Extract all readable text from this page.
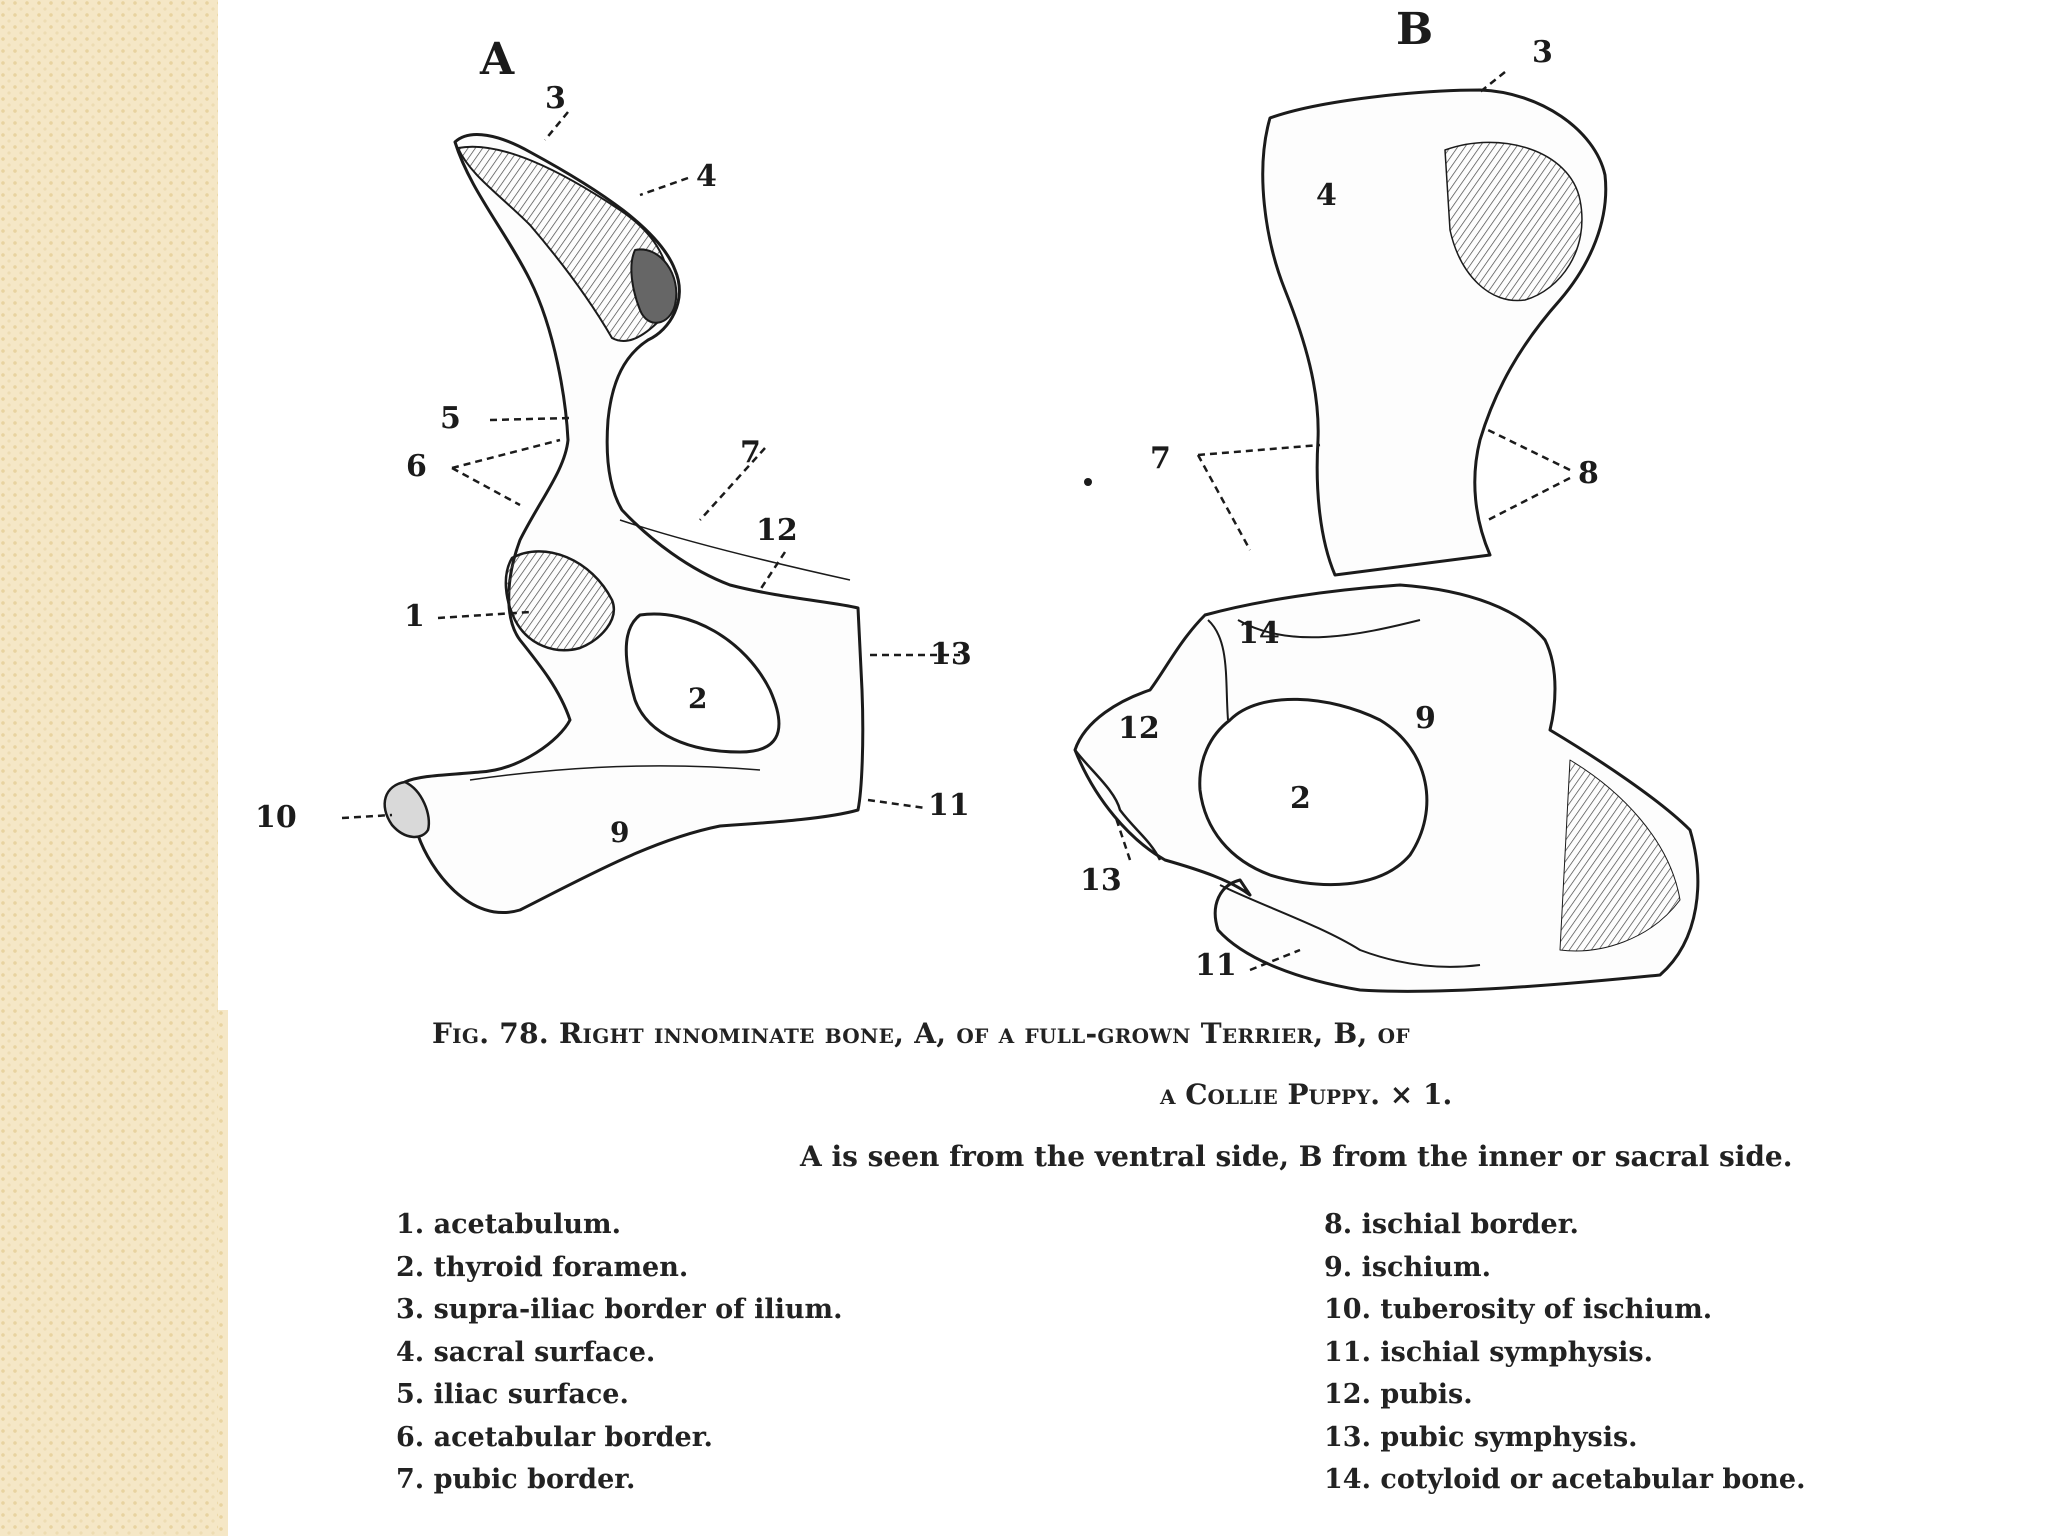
A
3
4
5
6	7
12
1
2
13
10	9
11
B	3
4
7	8
14
9
12
2
13
11
Fig. 78. Right innominate bone, A, of a full-grown Terrier, B, of
a Collie Puppy. × 1.
A is seen from the ventral side, B from the inner or sacral side.
1. acetabulum.
2. thyroid foramen.
3. supra-iliac border of ilium.
4. sacral surface.
5. iliac surface.
6. acetabular border.
7. pubic border.
8. ischial border.
9. ischium.
10. tuberosity of ischium.
11. ischial symphysis.
12. pubis.
13. pubic symphysis.
14. cotyloid or acetabular bone.
